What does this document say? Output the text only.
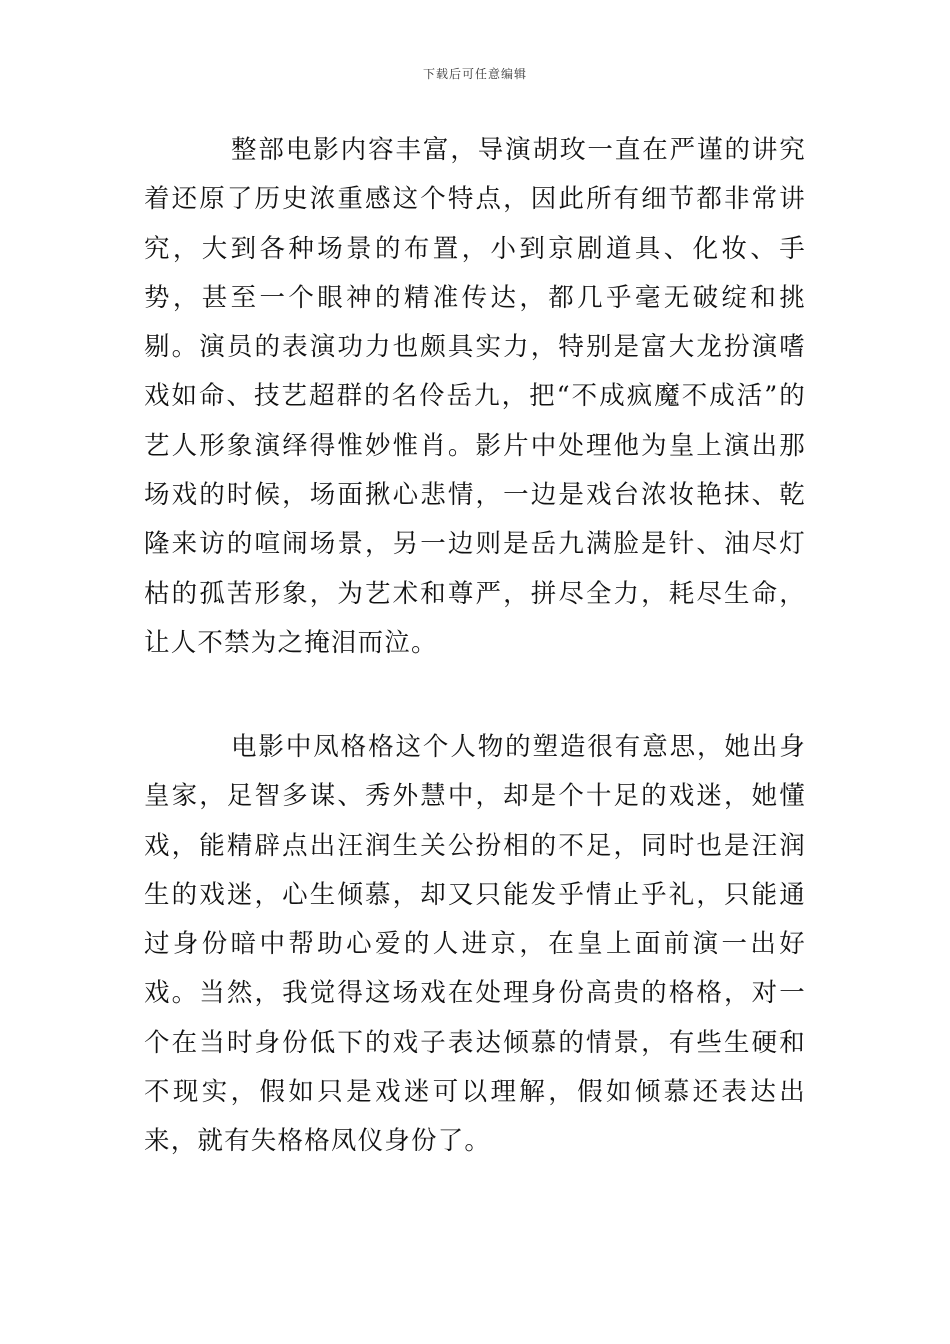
下载后可任意编辑

整部电影内容丰富，导演胡玫一直在严谨的讲究着还原了历史浓重感这个特点，因此所有细节都非常讲究，大到各种场景的布置，小到京剧道具、化妆、手势，甚至一个眼神的精准传达，都几乎毫无破绽和挑剔。演员的表演功力也颇具实力，特别是富大龙扮演嗜戏如命、技艺超群的名伶岳九，把“不成疯魔不成活”的艺人形象演绎得惟妙惟肖。影片中处理他为皇上演出那场戏的时候，场面揪心悲情，一边是戏台浓妆艳抹、乾隆来访的喧闹场景，另一边则是岳九满脸是针、油尽灯枯的孤苦形象，为艺术和尊严，拼尽全力，耗尽生命，让人不禁为之掩泪而泣。

电影中凤格格这个人物的塑造很有意思，她出身皇家，足智多谋、秀外慧中，却是个十足的戏迷，她懂戏，能精辟点出汪润生关公扮相的不足，同时也是汪润生的戏迷，心生倾慕，却又只能发乎情止乎礼，只能通过身份暗中帮助心爱的人进京，在皇上面前演一出好戏。当然，我觉得这场戏在处理身份高贵的格格，对一个在当时身份低下的戏子表达倾慕的情景，有些生硬和不现实，假如只是戏迷可以理解，假如倾慕还表达出来，就有失格格凤仪身份了。
